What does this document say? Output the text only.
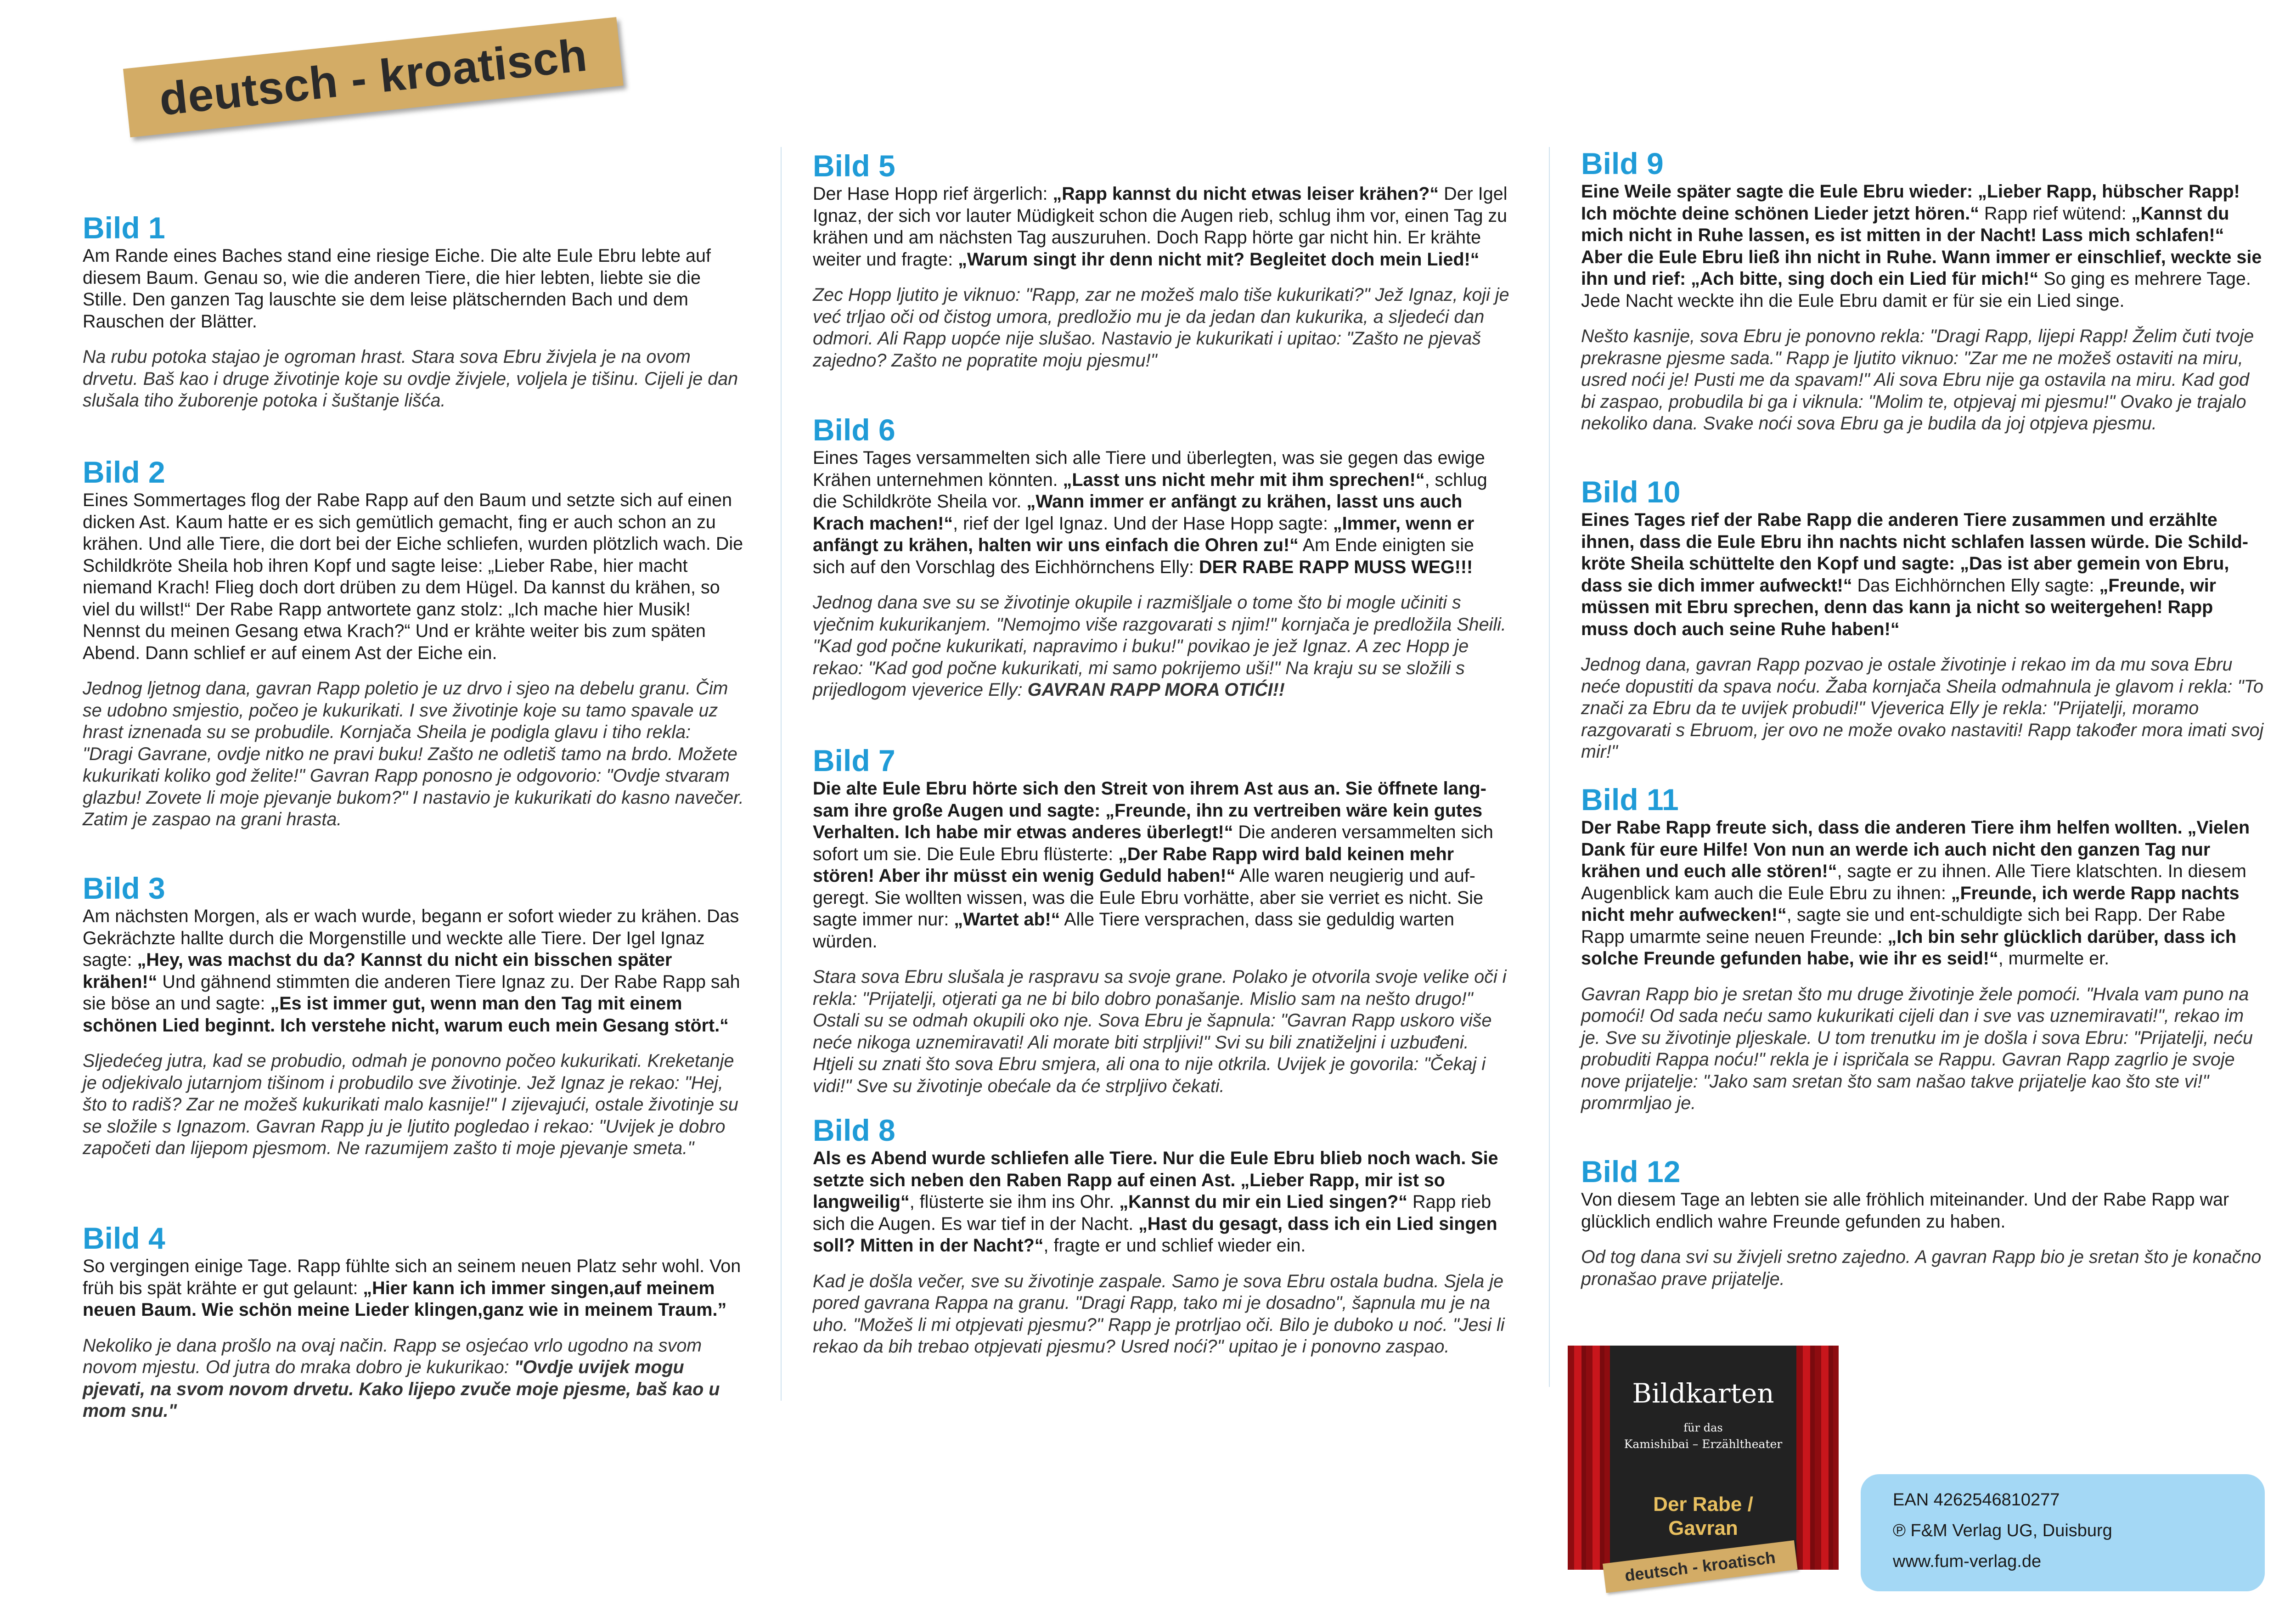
deutsch - kroatisch
Bild 1

Am Rande eines Baches stand eine riesige Eiche. Die alte Eule Ebru lebte auf diesem Baum. Genau so, wie die anderen Tiere, die hier lebten, liebte sie die Stille. Den ganzen Tag lauschte sie dem leise plätschernden Bach und dem Rauschen der Blätter.

Na rubu potoka stajao je ogroman hrast. Stara sova Ebru živjela je na ovom drvetu. Baš kao i druge životinje koje su ovdje živjele, voljela je tišinu. Cijeli je dan slušala tiho žuborenje potoka i šuštanje lišća.

Bild 2

Eines Sommertages flog der Rabe Rapp auf den Baum und setzte sich auf einen dicken Ast. Kaum hatte er es sich gemütlich gemacht, fing er auch schon an zu krähen. Und alle Tiere, die dort bei der Eiche schliefen, wurden plötzlich wach. Die Schildkröte Sheila hob ihren Kopf und sagte leise: „Lieber Rabe, hier macht niemand Krach! Flieg doch dort drüben zu dem Hügel. Da kannst du krähen, so viel du willst!“ Der Rabe Rapp antwortete ganz stolz: „Ich mache hier Musik! Nennst du meinen Gesang etwa Krach?“ Und er krähte weiter bis zum späten Abend. Dann schlief er auf einem Ast der Eiche ein.

Jednog ljetnog dana, gavran Rapp poletio je uz drvo i sjeo na debelu granu. Čim se udobno smjestio, počeo je kukurikati. I sve životinje koje su tamo spavale uz hrast iznenada su se probudile. Kornjača Sheila je podigla glavu i tiho rekla: "Dragi Gavrane, ovdje nitko ne pravi buku! Zašto ne odletiš tamo na brdo. Možete kukurikati koliko god želite!" Gavran Rapp ponosno je odgovorio: "Ovdje stvaram glazbu! Zovete li moje pjevanje bukom?" I nastavio je kukurikati do kasno navečer. Zatim je zaspao na grani hrasta.

Bild 3

Am nächsten Morgen, als er wach wurde, begann er sofort wieder zu krähen. Das Gekrächzte hallte durch die Morgenstille und weckte alle Tiere. Der Igel Ignaz sagte: „Hey, was machst du da? Kannst du nicht ein bisschen später krähen!“ Und gähnend stimmten die anderen Tiere Ignaz zu. Der Rabe Rapp sah sie böse an und sagte: „Es ist immer gut, wenn man den Tag mit einem schönen Lied beginnt. Ich verstehe nicht, warum euch mein Gesang stört.“

Sljedećeg jutra, kad se probudio, odmah je ponovno počeo kukurikati. Kreketanje je odjekivalo jutarnjom tišinom i probudilo sve životinje. Jež Ignaz je rekao: "Hej, što to radiš? Zar ne možeš kukurikati malo kasnije!" I zijevajući, ostale životinje su se složile s Ignazom. Gavran Rapp ju je ljutito pogledao i rekao: "Uvijek je dobro započeti dan lijepom pjesmom. Ne razumijem zašto ti moje pjevanje smeta."

Bild 4

So vergingen einige Tage. Rapp fühlte sich an seinem neuen Platz sehr wohl. Von früh bis spät krähte er gut gelaunt: „Hier kann ich immer singen,auf meinem neuen Baum. Wie schön meine Lieder klingen,ganz wie in meinem Traum.”

Nekoliko je dana prošlo na ovaj način. Rapp se osjećao vrlo ugodno na svom novom mjestu. Od jutra do mraka dobro je kukurikao: "Ovdje uvijek mogu pjevati, na svom novom drvetu. Kako lijepo zvuče moje pjesme, baš kao u mom snu."

Bild 5

Der Hase Hopp rief ärgerlich: „Rapp kannst du nicht etwas leiser krähen?“ Der Igel Ignaz, der sich vor lauter Müdigkeit schon die Augen rieb, schlug ihm vor, einen Tag zu krähen und am nächsten Tag auszuruhen. Doch Rapp hörte gar nicht hin. Er krähte weiter und fragte: „Warum singt ihr denn nicht mit? Begleitet doch mein Lied!“

Zec Hopp ljutito je viknuo: "Rapp, zar ne možeš malo tiše kukurikati?" Jež Ignaz, koji je već trljao oči od čistog umora, predložio mu je da jedan dan kukurika, a sljedeći dan odmori. Ali Rapp uopće nije slušao. Nastavio je kukurikati i upitao: "Zašto ne pjevaš zajedno? Zašto ne popratite moju pjesmu!"

Bild 6

Eines Tages versammelten sich alle Tiere und überlegten, was sie gegen das ewige Krähen unternehmen könnten. „Lasst uns nicht mehr mit ihm sprechen!“, schlug die Schildkröte Sheila vor. „Wann immer er anfängt zu krähen, lasst uns auch Krach machen!“, rief der Igel Ignaz. Und der Hase Hopp sagte: „Immer, wenn er anfängt zu krähen, halten wir uns einfach die Ohren zu!“ Am Ende einigten sie sich auf den Vorschlag des Eichhörnchens Elly: DER RABE RAPP MUSS WEG!!!

Jednog dana sve su se životinje okupile i razmišljale o tome što bi mogle učiniti s vječnim kukurikanjem. "Nemojmo više razgovarati s njim!" kornjača je predložila Sheili. "Kad god počne kukurikati, napravimo i buku!" povikao je jež Ignaz. A zec Hopp je rekao: "Kad god počne kukurikati, mi samo pokrijemo uši!" Na kraju su se složili s prijedlogom vjeverice Elly: GAVRAN RAPP MORA OTIĆI!!

Bild 7

Die alte Eule Ebru hörte sich den Streit von ihrem Ast aus an. Sie öffnete lang-sam ihre große Augen und sagte: „Freunde, ihn zu vertreiben wäre kein gutes Verhalten. Ich habe mir etwas anderes überlegt!“ Die anderen versammelten sich sofort um sie. Die Eule Ebru flüsterte: „Der Rabe Rapp wird bald keinen mehr stören! Aber ihr müsst ein wenig Geduld haben!“ Alle waren neugierig und auf-geregt. Sie wollten wissen, was die Eule Ebru vorhätte, aber sie verriet es nicht. Sie sagte immer nur: „Wartet ab!“ Alle Tiere versprachen, dass sie geduldig warten würden.

Stara sova Ebru slušala je raspravu sa svoje grane. Polako je otvorila svoje velike oči i rekla: "Prijatelji, otjerati ga ne bi bilo dobro ponašanje. Mislio sam na nešto drugo!" Ostali su se odmah okupili oko nje. Sova Ebru je šapnula: "Gavran Rapp uskoro više neće nikoga uznemiravati! Ali morate biti strpljivi!" Svi su bili znatiželjni i uzbuđeni. Htjeli su znati što sova Ebru smjera, ali ona to nije otkrila. Uvijek je govorila: "Čekaj i vidi!" Sve su životinje obećale da će strpljivo čekati.

Bild 8

Als es Abend wurde schliefen alle Tiere. Nur die Eule Ebru blieb noch wach. Sie setzte sich neben den Raben Rapp auf einen Ast. „Lieber Rapp, mir ist so langweilig“, flüsterte sie ihm ins Ohr. „Kannst du mir ein Lied singen?“ Rapp rieb sich die Augen. Es war tief in der Nacht. „Hast du gesagt, dass ich ein Lied singen soll? Mitten in der Nacht?“, fragte er und schlief wieder ein.

Kad je došla večer, sve su životinje zaspale. Samo je sova Ebru ostala budna. Sjela je pored gavrana Rappa na granu. "Dragi Rapp, tako mi je dosadno", šapnula mu je na uho. "Možeš li mi otpjevati pjesmu?" Rapp je protrljao oči. Bilo je duboko u noć. "Jesi li rekao da bih trebao otpjevati pjesmu? Usred noći?" upitao je i ponovno zaspao.

Bild 9

Eine Weile später sagte die Eule Ebru wieder: „Lieber Rapp, hübscher Rapp! Ich möchte deine schönen Lieder jetzt hören.“ Rapp rief wütend: „Kannst du mich nicht in Ruhe lassen, es ist mitten in der Nacht! Lass mich schlafen!“ Aber die Eule Ebru ließ ihn nicht in Ruhe. Wann immer er einschlief, weckte sie ihn und rief: „Ach bitte, sing doch ein Lied für mich!“ So ging es mehrere Tage. Jede Nacht weckte ihn die Eule Ebru damit er für sie ein Lied singe.

Nešto kasnije, sova Ebru je ponovno rekla: "Dragi Rapp, lijepi Rapp! Želim čuti tvoje prekrasne pjesme sada." Rapp je ljutito viknuo: "Zar me ne možeš ostaviti na miru, usred noći je! Pusti me da spavam!" Ali sova Ebru nije ga ostavila na miru. Kad god bi zaspao, probudila bi ga i viknula: "Molim te, otpjevaj mi pjesmu!" Ovako je trajalo nekoliko dana. Svake noći sova Ebru ga je budila da joj otpjeva pjesmu.

Bild 10

Eines Tages rief der Rabe Rapp die anderen Tiere zusammen und erzählte ihnen, dass die Eule Ebru ihn nachts nicht schlafen lassen würde. Die Schild-kröte Sheila schüttelte den Kopf und sagte: „Das ist aber gemein von Ebru, dass sie dich immer aufweckt!“ Das Eichhörnchen Elly sagte: „Freunde, wir müssen mit Ebru sprechen, denn das kann ja nicht so weitergehen! Rapp muss doch auch seine Ruhe haben!“

Jednog dana, gavran Rapp pozvao je ostale životinje i rekao im da mu sova Ebru neće dopustiti da spava noću. Žaba kornjača Sheila odmahnula je glavom i rekla: "To znači za Ebru da te uvijek probudi!" Vjeverica Elly je rekla: "Prijatelji, moramo razgovarati s Ebruom, jer ovo ne može ovako nastaviti! Rapp također mora imati svoj mir!"

Bild 11

Der Rabe Rapp freute sich, dass die anderen Tiere ihm helfen wollten. „Vielen Dank für eure Hilfe! Von nun an werde ich auch nicht den ganzen Tag nur krähen und euch alle stören!“, sagte er zu ihnen. Alle Tiere klatschten. In diesem Augenblick kam auch die Eule Ebru zu ihnen: „Freunde, ich werde Rapp nachts nicht mehr aufwecken!“, sagte sie und ent-schuldigte sich bei Rapp. Der Rabe Rapp umarmte seine neuen Freunde: „Ich bin sehr glücklich darüber, dass ich solche Freunde gefunden habe, wie ihr es seid!“, murmelte er.

Gavran Rapp bio je sretan što mu druge životinje žele pomoći. "Hvala vam puno na pomoći! Od sada neću samo kukurikati cijeli dan i sve vas uznemiravati!", rekao im je. Sve su životinje pljeskale. U tom trenutku im je došla i sova Ebru: "Prijatelji, neću probuditi Rappa noću!" rekla je i ispričala se Rappu. Gavran Rapp zagrlio je svoje nove prijatelje: "Jako sam sretan što sam našao takve prijatelje kao što ste vi!" promrmljao je.

Bild 12

Von diesem Tage an lebten sie alle fröhlich miteinander. Und der Rabe Rapp war glücklich endlich wahre Freunde gefunden zu haben.

Od tog dana svi su živjeli sretno zajedno. A gavran Rapp bio je sretan što je konačno pronašao prave prijatelje.

Bildkarten
für das
Kamishibai – Erzähltheater
Der Rabe /
Gavran
deutsch - kroatisch
EAN 4262546810277
℗ F&M Verlag UG, Duisburg
www.fum-verlag.de
